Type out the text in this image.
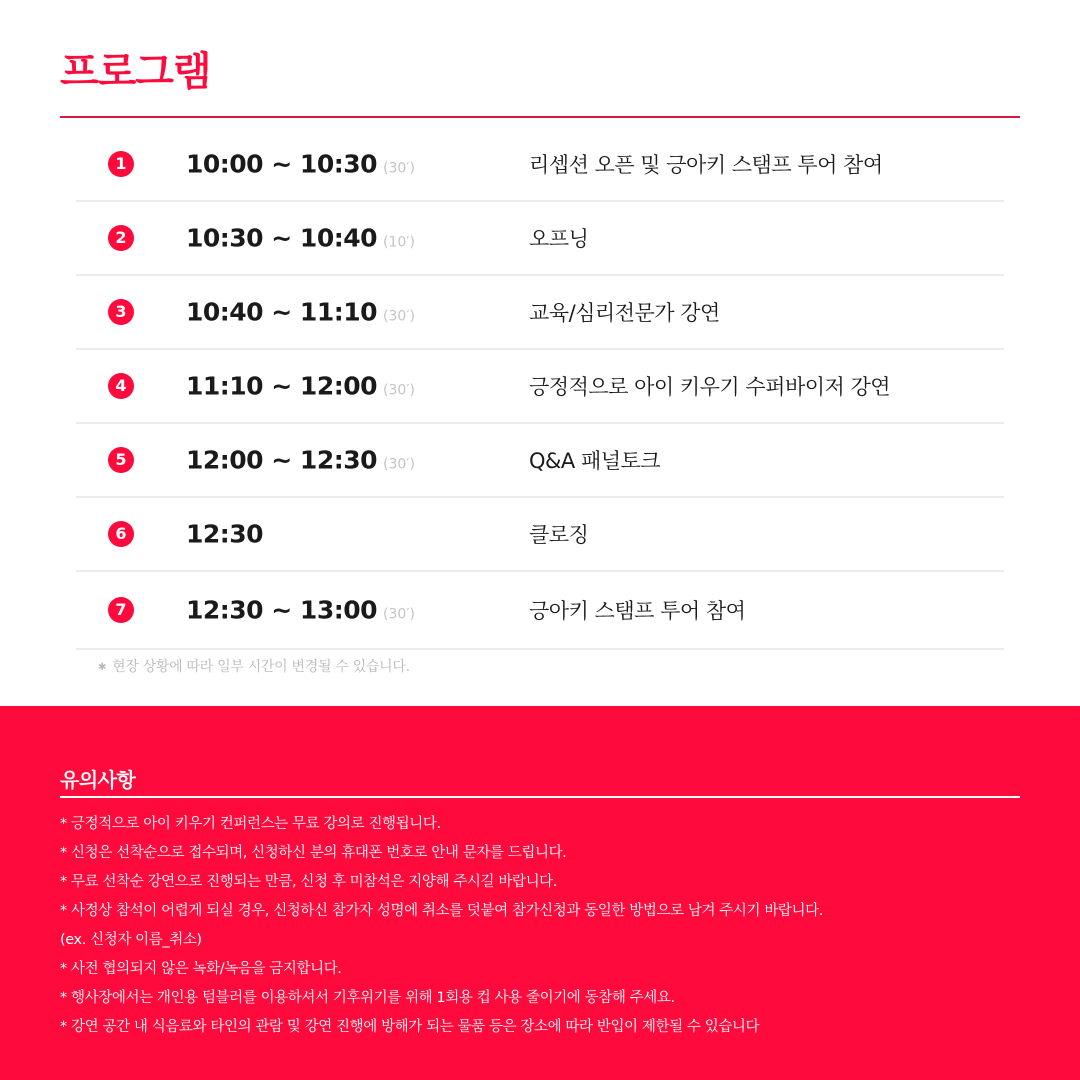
프로그램
1 10:00 ~ 10:30 (30′)	리셉션 오픈 및 긍아키 스탬프 투어 참여
2 10:30 ~ 10:40 (10′)	오프닝
3 10:40 ~ 11:10 (30′)	교육/심리전문가 강연
4 11:10 ~ 12:00 (30′)	긍정적으로 아이 키우기 수퍼바이저 강연
5 12:00 ~ 12:30 (30′)	Q&A 패널토크
6 12:30	클로징
7 12:30 ~ 13:00 (30′)	긍아키 스탬프 투어 참여
✱ 현장 상황에 따라 일부 시간이 변경될 수 있습니다.
유의사항
* 긍정적으로 아이 키우기 컨퍼런스는 무료 강의로 진행됩니다.
* 신청은 선착순으로 접수되며, 신청하신 분의 휴대폰 번호로 안내 문자를 드립니다.
* 무료 선착순 강연으로 진행되는 만큼, 신청 후 미참석은 지양해 주시길 바랍니다.
* 사정상 참석이 어렵게 되실 경우, 신청하신 참가자 성명에 취소를 덧붙여 참가신청과 동일한 방법으로 남겨 주시기 바랍니다.
(ex. 신청자 이름_취소)
* 사전 협의되지 않은 녹화/녹음을 금지합니다.
* 행사장에서는 개인용 텀블러를 이용하셔서 기후위기를 위해 1회용 컵 사용 줄이기에 동참해 주세요.
* 강연 공간 내 식음료와 타인의 관람 및 강연 진행에 방해가 되는 물품 등은 장소에 따라 반입이 제한될 수 있습니다
